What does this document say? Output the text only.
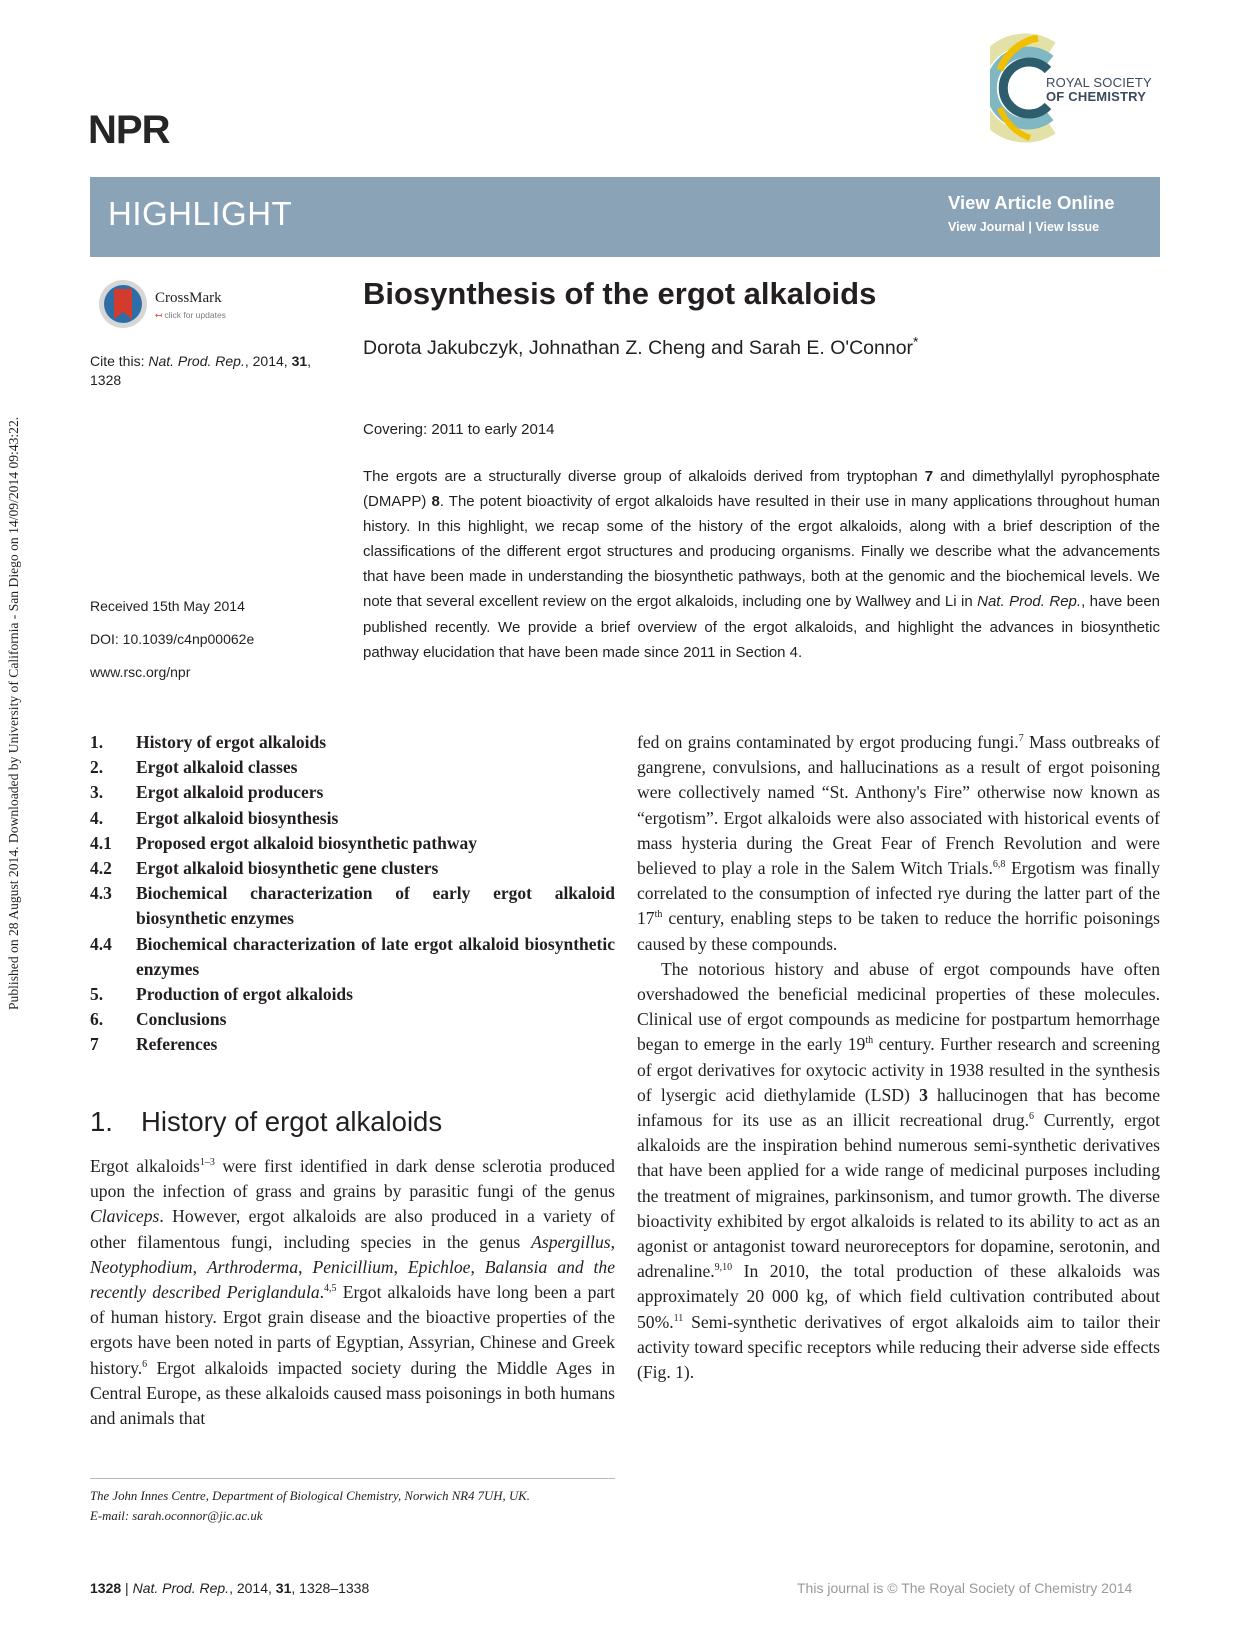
Published on 28 August 2014. Downloaded by University of California - San Diego on 14/09/2014 09:43:22.
NPR
ROYAL SOCIETY
OF CHEMISTRY
HIGHLIGHT	View Article Online
View Journal | View Issue
CrossMark
↤ click for updates
Cite this: Nat. Prod. Rep., 2014, 31, 1328
Biosynthesis of the ergot alkaloids
Dorota Jakubczyk, Johnathan Z. Cheng and Sarah E. O'Connor*
Covering: 2011 to early 2014
The ergots are a structurally diverse group of alkaloids derived from tryptophan 7 and dimethylallyl pyrophosphate (DMAPP) 8. The potent bioactivity of ergot alkaloids have resulted in their use in many applications throughout human history. In this highlight, we recap some of the history of the ergot alkaloids, along with a brief description of the classifications of the different ergot structures and producing organisms. Finally we describe what the advancements that have been made in understanding the biosynthetic pathways, both at the genomic and the biochemical levels. We note that several excellent review on the ergot alkaloids, including one by Wallwey and Li in Nat. Prod. Rep., have been published recently. We provide a brief overview of the ergot alkaloids, and highlight the advances in biosynthetic pathway elucidation that have been made since 2011 in Section 4.
Received 15th May 2014
DOI: 10.1039/c4np00062e
www.rsc.org/npr
1.	History of ergot alkaloids
2.	Ergot alkaloid classes
3.	Ergot alkaloid producers
4.	Ergot alkaloid biosynthesis
4.1	Proposed ergot alkaloid biosynthetic pathway
4.2	Ergot alkaloid biosynthetic gene clusters
4.3	Biochemical characterization of early ergot alkaloid biosynthetic enzymes
4.4	Biochemical characterization of late ergot alkaloid biosynthetic enzymes
5.	Production of ergot alkaloids
6.	Conclusions
7	References
1. History of ergot alkaloids

Ergot alkaloids$^{1-3}$ were first identified in dark dense sclerotia produced upon the infection of grass and grains by parasitic fungi of the genus Claviceps. However, ergot alkaloids are also produced in a variety of other filamentous fungi, including species in the genus Aspergillus, Neotyphodium, Arthroderma, Penicillium, Epichloe, Balansia and the recently described Periglandula.$^{4,5}$ Ergot alkaloids have long been a part of human history. Ergot grain disease and the bioactive properties of the ergots have been noted in parts of Egyptian, Assyrian, Chinese and Greek history.$^6$ Ergot alkaloids impacted society during the Middle Ages in Central Europe, as these alkaloids caused mass poisonings in both humans and animals that

fed on grains contaminated by ergot producing fungi.$^7$ Mass outbreaks of gangrene, convulsions, and hallucinations as a result of ergot poisoning were collectively named “St. Anthony's Fire” otherwise now known as “ergotism”. Ergot alkaloids were also associated with historical events of mass hysteria during the Great Fear of French Revolution and were believed to play a role in the Salem Witch Trials.$^{6,8}$ Ergotism was finally correlated to the consumption of infected rye during the latter part of the 17th century, enabling steps to be taken to reduce the horrific poisonings caused by these compounds.

The notorious history and abuse of ergot compounds have often overshadowed the beneficial medicinal properties of these molecules. Clinical use of ergot compounds as medicine for postpartum hemorrhage began to emerge in the early 19th century. Further research and screening of ergot derivatives for oxytocic activity in 1938 resulted in the synthesis of lysergic acid diethylamide (LSD) 3 hallucinogen that has become infamous for its use as an illicit recreational drug.$^6$ Currently, ergot alkaloids are the inspiration behind numerous semi-synthetic derivatives that have been applied for a wide range of medicinal purposes including the treatment of migraines, parkinsonism, and tumor growth. The diverse bioactivity exhibited by ergot alkaloids is related to its ability to act as an agonist or antagonist toward neuroreceptors for dopamine, serotonin, and adrenaline.$^{9,10}$ In 2010, the total production of these alkaloids was approximately 20 000 kg, of which field cultivation contributed about 50%.$^{11}$ Semi-synthetic derivatives of ergot alkaloids aim to tailor their activity toward specific receptors while reducing their adverse side effects (Fig. 1).

The John Innes Centre, Department of Biological Chemistry, Norwich NR4 7UH, UK.
E-mail: sarah.oconnor@jic.ac.uk
1328 | Nat. Prod. Rep., 2014, 31, 1328–1338	This journal is © The Royal Society of Chemistry 2014
